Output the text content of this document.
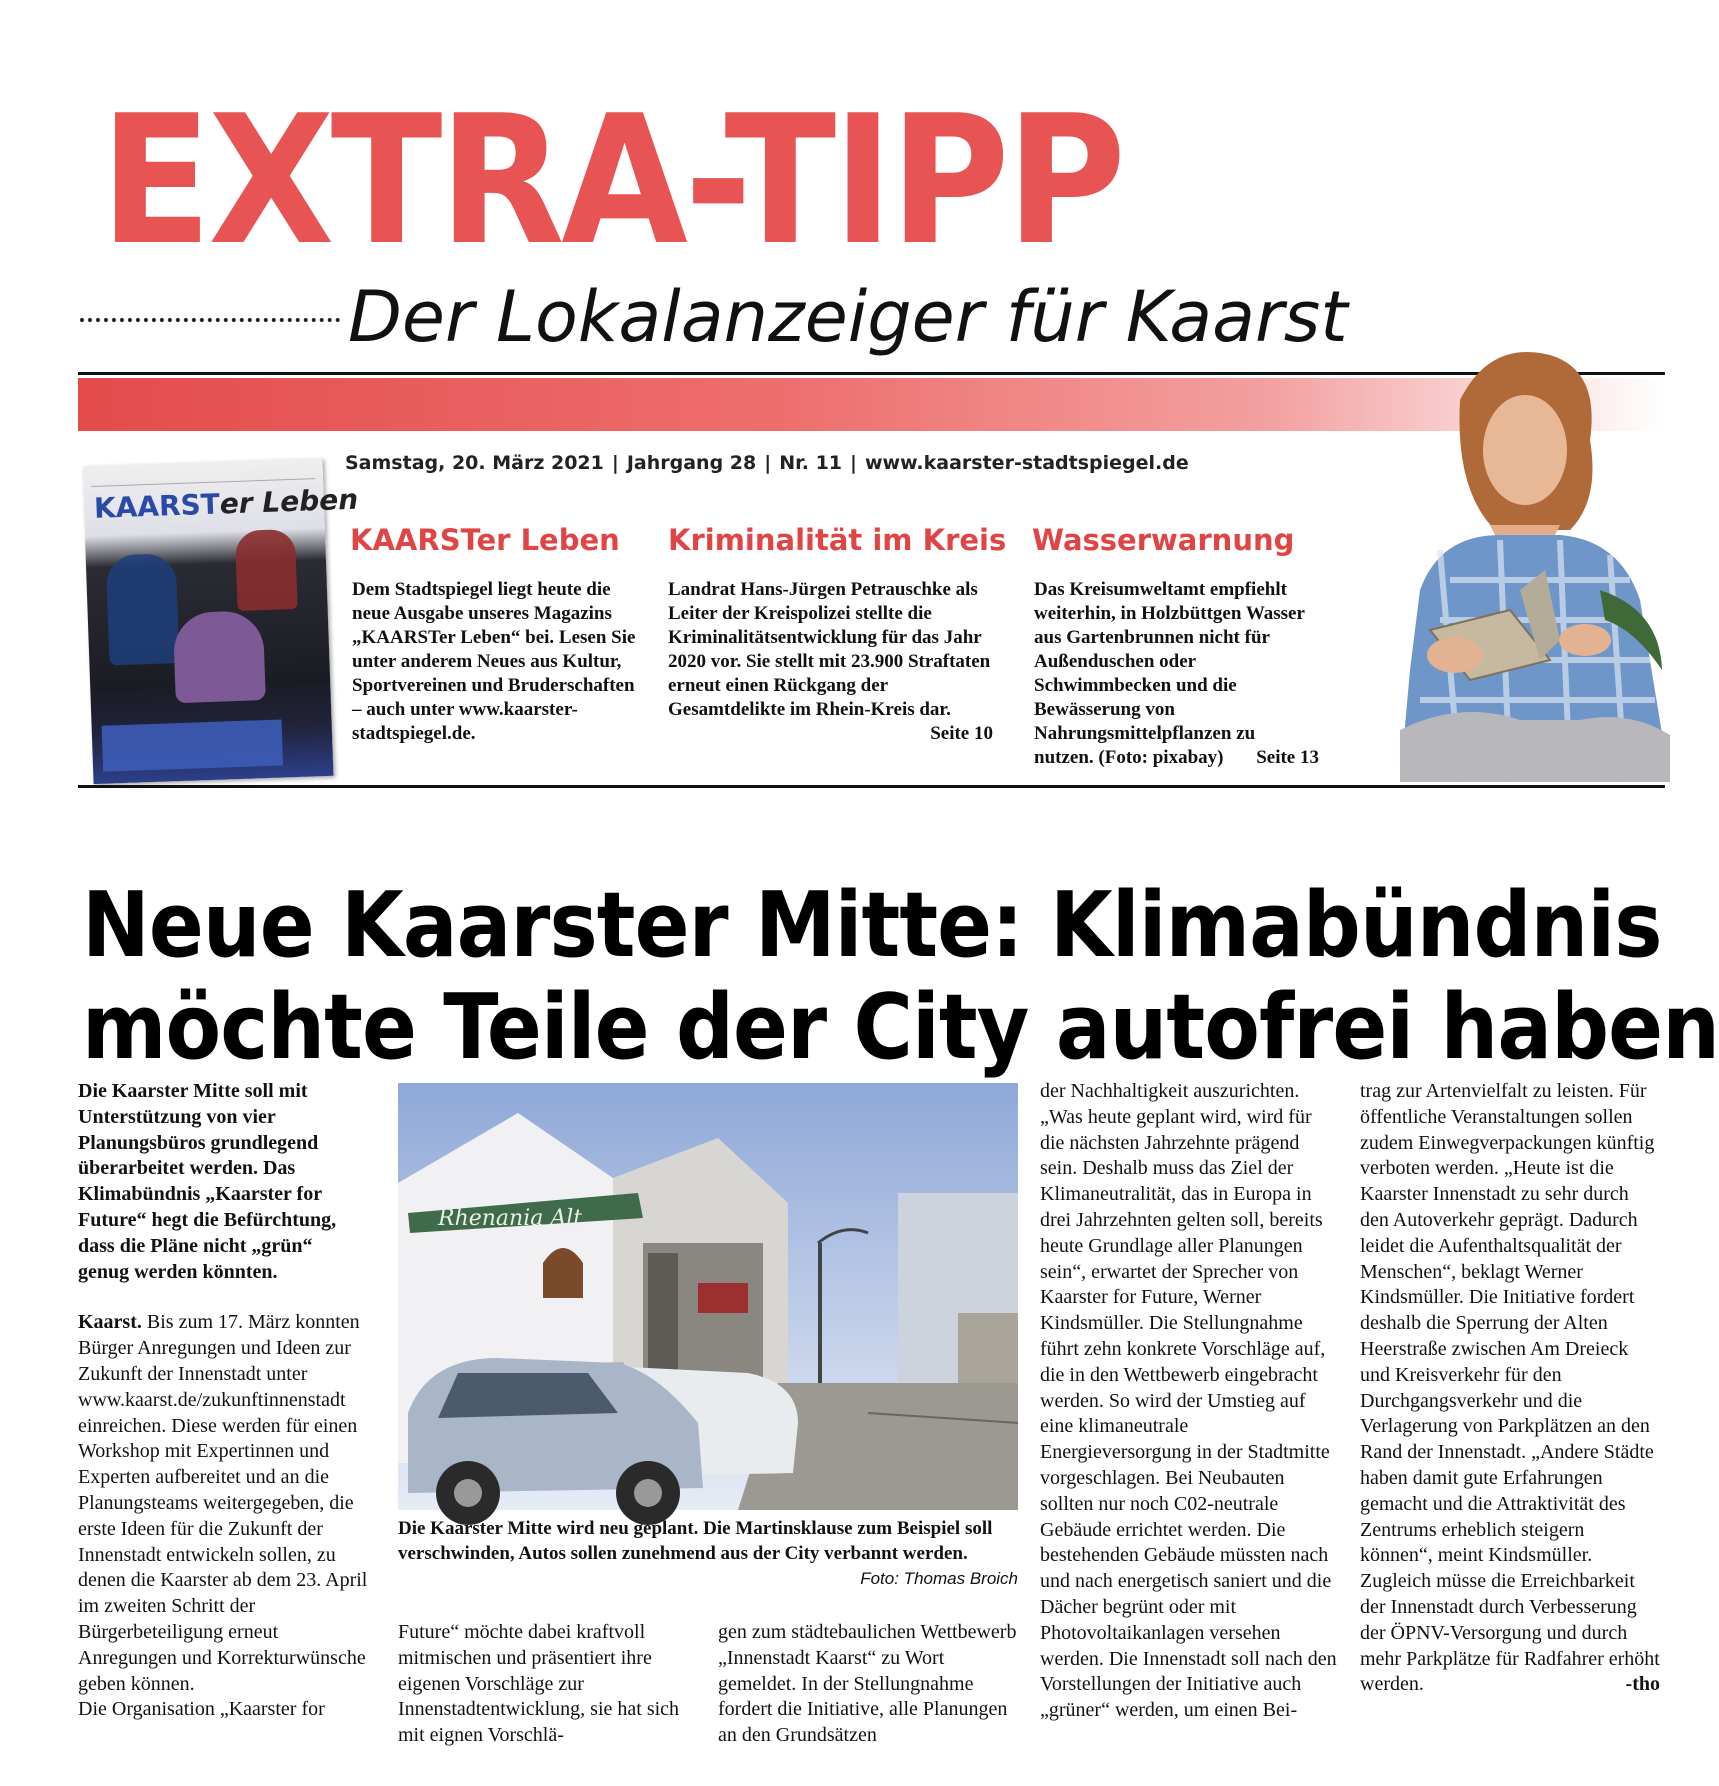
EXTRA-TIPP
Der Lokalanzeiger für Kaarst
Samstag, 20. März 2021 | Jahrgang 28 | Nr. 11 | www.kaarster-stadtspiegel.de
KAARSTer Leben
KAARSTer Leben
Dem Stadtspiegel liegt heute die neue Ausgabe unseres Magazins „KAARSTer Leben“ bei. Lesen Sie unter anderem Neues aus Kultur, Sportvereinen und Bruderschaften – auch unter www.kaarster-stadtspiegel.de.
Kriminalität im Kreis
Landrat Hans-Jürgen Petrauschke als Leiter der Kreispolizei stellte die Kriminalitätsentwicklung für das Jahr 2020 vor. Sie stellt mit 23.900 Straftaten erneut einen Rückgang der Gesamtdelikte im Rhein-Kreis dar.
Seite 10
Wasserwarnung
Das Kreisumweltamt empfiehlt weiterhin, in Holzbüttgen Wasser aus Gartenbrunnen nicht für Außenduschen oder Schwimmbecken und die Bewässerung von Nahrungsmittelpflanzen zu nutzen. (Foto: pixabay) Seite 13
Neue Kaarster Mitte: Klimabündnis
möchte Teile der City autofrei haben
Die Kaarster Mitte soll mit Unterstützung von vier Planungsbüros grundlegend überarbeitet werden. Das Klimabündnis „Kaarster for Future“ hegt die Befürchtung, dass die Pläne nicht „grün“ genug werden könnten.
Kaarst. Bis zum 17. März konnten Bürger Anregungen und Ideen zur Zukunft der Innenstadt unter www.kaarst.de/zukunftinnenstadt einreichen. Diese werden für einen Workshop mit Expertinnen und Experten aufbereitet und an die Planungsteams weitergegeben, die erste Ideen für die Zukunft der Innenstadt entwickeln sollen, zu denen die Kaarster ab dem 23. April im zweiten Schritt der Bürgerbeteiligung erneut Anregungen und Korrekturwünsche geben können.
Die Organisation „Kaarster for
Rhenania Alt
Die Kaarster Mitte wird neu geplant. Die Martinsklause zum Beispiel soll verschwinden, Autos sollen zunehmend aus der City verbannt werden.
Foto: Thomas Broich
Future“ möchte dabei kraftvoll mitmischen und präsentiert ihre eigenen Vorschläge zur Innenstadtentwicklung, sie hat sich mit eignen Vorschlä-
gen zum städtebaulichen Wettbewerb „Innenstadt Kaarst“ zu Wort gemeldet. In der Stellungnahme fordert die Initiative, alle Planungen an den Grundsätzen
der Nachhaltigkeit auszurichten. „Was heute geplant wird, wird für die nächsten Jahrzehnte prägend sein. Deshalb muss das Ziel der Klimaneutralität, das in Europa in drei Jahrzehnten gelten soll, bereits heute Grundlage aller Planungen sein“, erwartet der Sprecher von Kaarster for Future, Werner Kindsmüller. Die Stellungnahme führt zehn konkrete Vorschläge auf, die in den Wettbewerb eingebracht werden. So wird der Umstieg auf eine klimaneutrale Energieversorgung in der Stadtmitte vorgeschlagen. Bei Neubauten sollten nur noch C02-neutrale Gebäude errichtet werden. Die bestehenden Gebäude müssten nach und nach energetisch saniert und die Dächer begrünt oder mit Photovoltaikanlagen versehen werden. Die Innenstadt soll nach den Vorstellungen der Initiative auch „grüner“ werden, um einen Bei-
trag zur Artenvielfalt zu leisten. Für öffentliche Veranstaltungen sollen zudem Einwegverpackungen künftig verboten werden. „Heute ist die Kaarster Innenstadt zu sehr durch den Autoverkehr geprägt. Dadurch leidet die Aufenthaltsqualität der Menschen“, beklagt Werner Kindsmüller. Die Initiative fordert deshalb die Sperrung der Alten Heerstraße zwischen Am Dreieck und Kreisverkehr für den Durchgangsverkehr und die Verlagerung von Parkplätzen an den Rand der Innenstadt. „Andere Städte haben damit gute Erfahrungen gemacht und die Attraktivität des Zentrums erheblich steigern können“, meint Kindsmüller. Zugleich müsse die Erreichbarkeit der Innenstadt durch Verbesserung der ÖPNV-Versorgung und durch mehr Parkplätze für Radfahrer erhöht werden.	-tho
